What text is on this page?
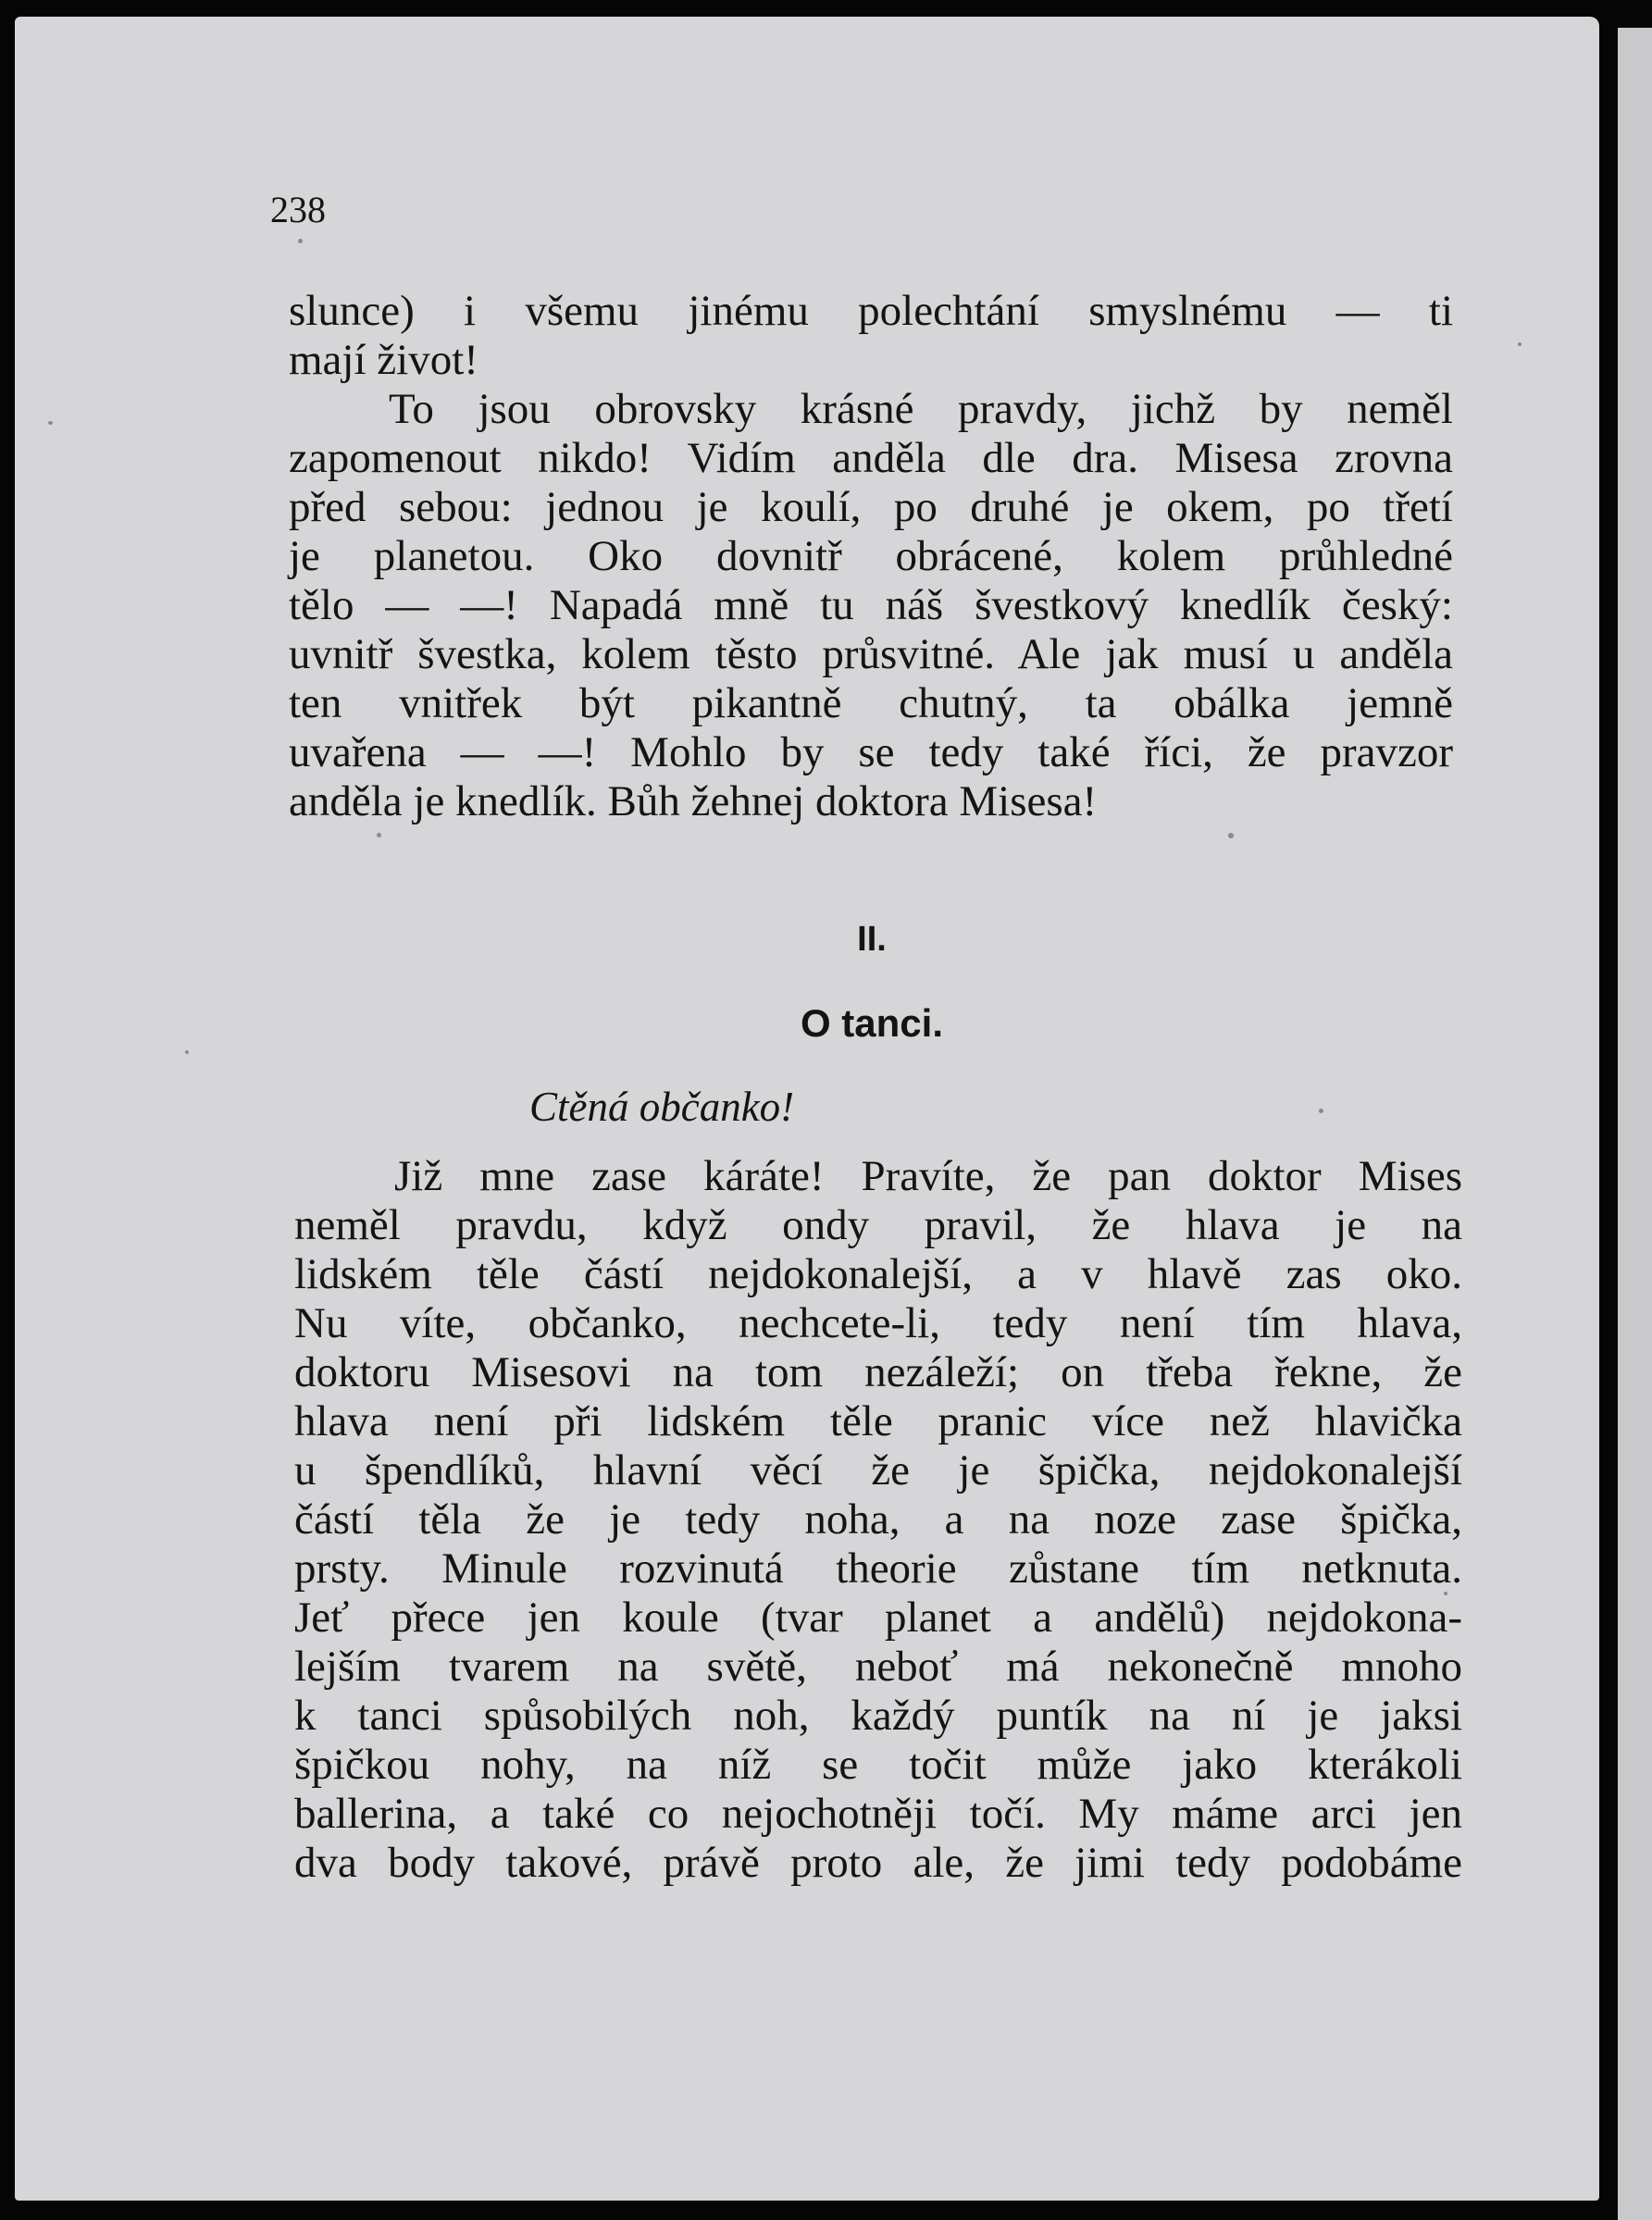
238

slunce) i všemu jinému polechtání smyslnému — ti
mají život!
To jsou obrovsky krásné pravdy, jichž by neměl
zapomenout nikdo! Vidím anděla dle dra. Misesa zrovna
před sebou: jednou je koulí, po druhé je okem, po třetí
je planetou. Oko dovnitř obrácené, kolem průhledné
tělo — —! Napadá mně tu náš švestkový knedlík český:
uvnitř švestka, kolem těsto průsvitné. Ale jak musí u anděla
ten vnitřek být pikantně chutný, ta obálka jemně
uvařena — —! Mohlo by se tedy také říci, že pravzor
anděla je knedlík. Bůh žehnej doktora Misesa!

II.

O tanci.

Ctěná občanko!

Již mne zase káráte! Pravíte, že pan doktor Mises
neměl pravdu, když ondy pravil, že hlava je na
lidském těle částí nejdokonalejší, a v hlavě zas oko.
Nu víte, občanko, nechcete-li, tedy není tím hlava,
doktoru Misesovi na tom nezáleží; on třeba řekne, že
hlava není při lidském těle pranic více než hlavička
u špendlíků, hlavní věcí že je špička, nejdokonalejší
částí těla že je tedy noha, a na noze zase špička,
prsty. Minule rozvinutá theorie zůstane tím netknuta.
Jeť přece jen koule (tvar planet a andělů) nejdokona-
lejším tvarem na světě, neboť má nekonečně mnoho
k tanci spůsobilých noh, každý puntík na ní je jaksi
špičkou nohy, na níž se točit může jako kterákoli
ballerina, a také co nejochotněji točí. My máme arci jen
dva body takové, právě proto ale, že jimi tedy podobáme
